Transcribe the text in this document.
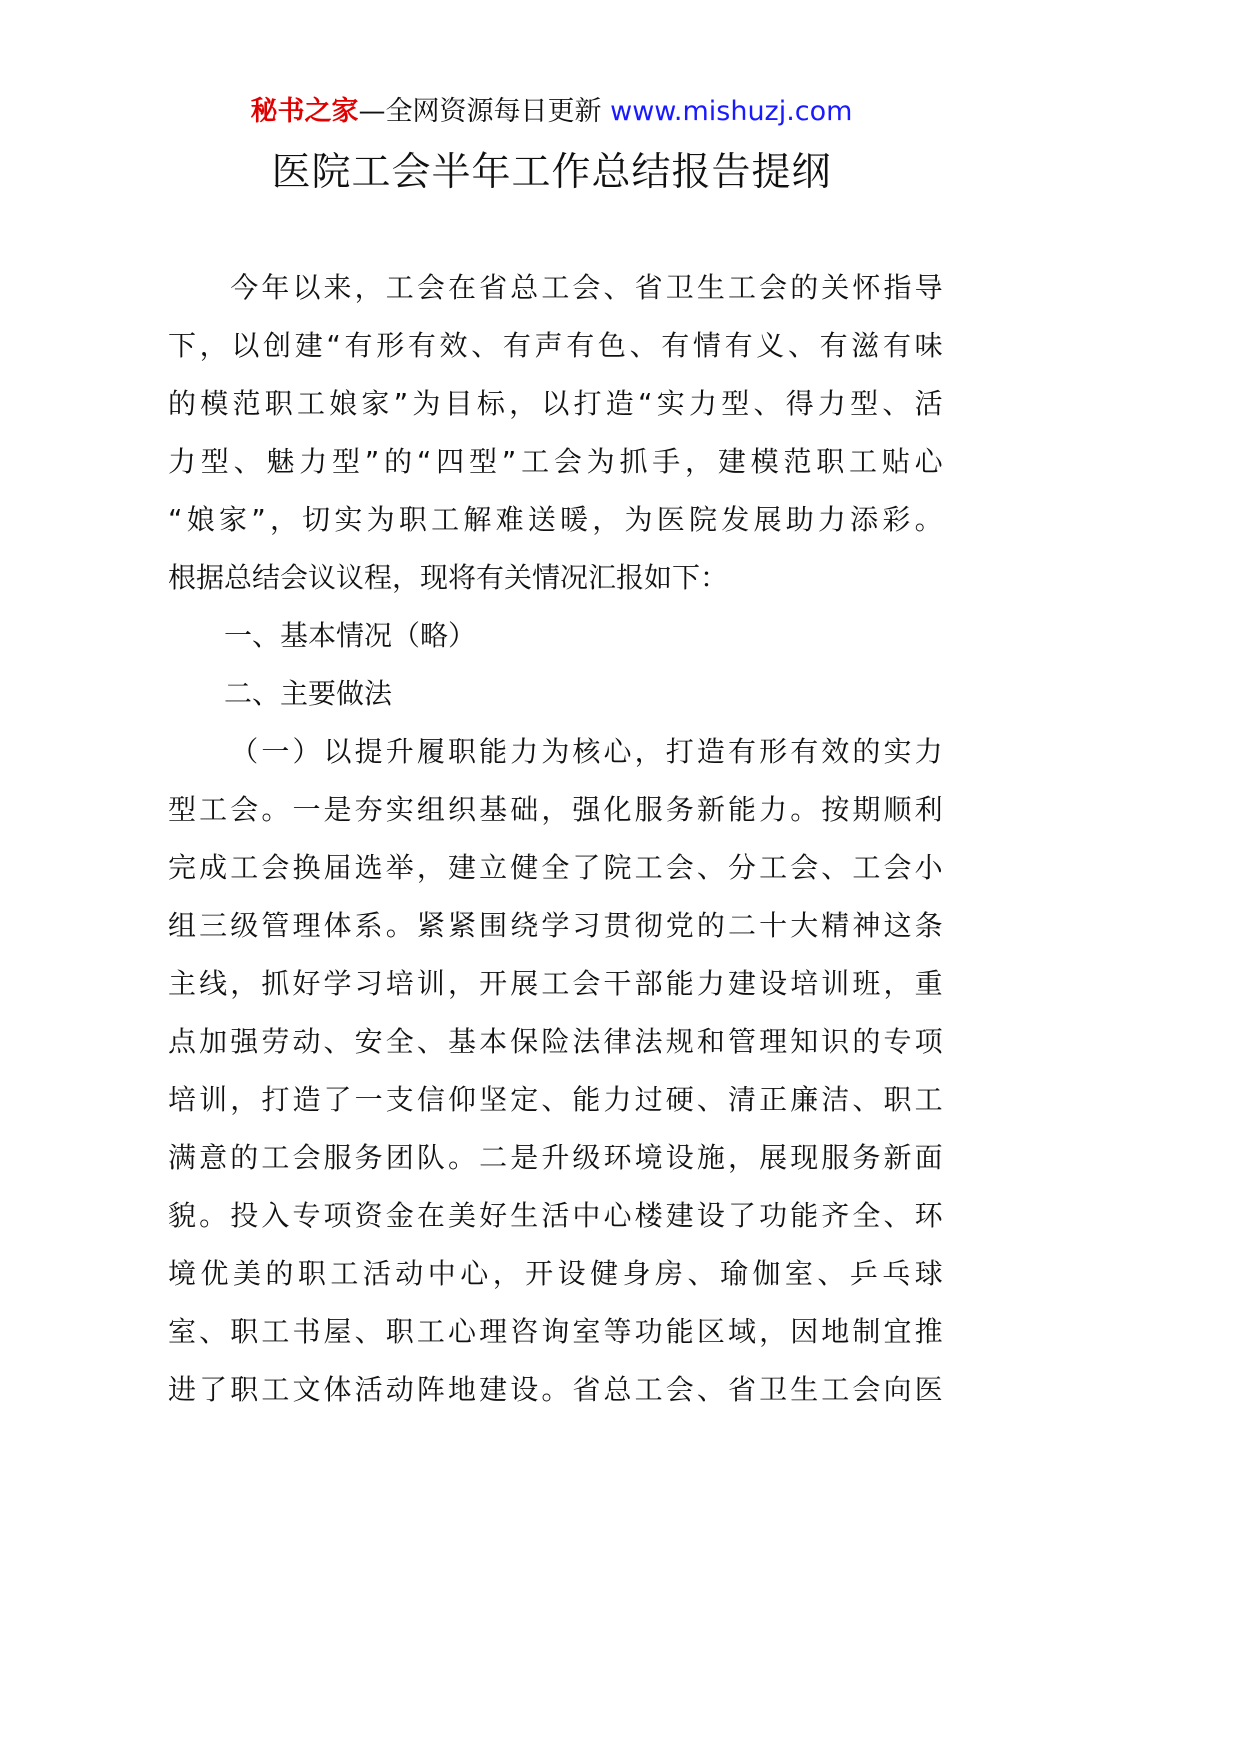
秘书之家—全网资源每日更新 www.mishuzj.com
医院工会半年工作总结报告提纲

今 年 以 来 ， 工 会 在 省 总 工 会 、 省 卫 生 工 会 的 关 怀 指 导
下 ， 以 创 建 “ 有 形 有 效 、 有 声 有 色 、 有 情 有 义 、 有 滋 有 味
的 模 范 职 工 娘 家 ” 为 目 标 ， 以 打 造 “ 实 力 型 、 得 力 型 、 活
力 型 、 魅 力 型 ” 的 “ 四 型 ” 工 会 为 抓 手 ， 建 模 范 职 工 贴 心
“ 娘 家 ” ， 切 实 为 职 工 解 难 送 暖 ， 为 医 院 发 展 助 力 添 彩 。
根据总结会议议程，现将有关情况汇报如下：
　　一、基本情况（略）
　　二、主要做法

（ 一 ） 以 提 升 履 职 能 力 为 核 心 ， 打 造 有 形 有 效 的 实 力
型 工 会 。 一 是 夯 实 组 织 基 础 ， 强 化 服 务 新 能 力 。 按 期 顺 利
完 成 工 会 换 届 选 举 ， 建 立 健 全 了 院 工 会 、 分 工 会 、 工 会 小
组 三 级 管 理 体 系 。 紧 紧 围 绕 学 习 贯 彻 党 的 二 十 大 精 神 这 条
主 线 ， 抓 好 学 习 培 训 ， 开 展 工 会 干 部 能 力 建 设 培 训 班 ， 重
点 加 强 劳 动 、 安 全 、 基 本 保 险 法 律 法 规 和 管 理 知 识 的 专 项
培 训 ， 打 造 了 一 支 信 仰 坚 定 、 能 力 过 硬 、 清 正 廉 洁 、 职 工
满 意 的 工 会 服 务 团 队 。 二 是 升 级 环 境 设 施 ， 展 现 服 务 新 面
貌 。 投 入 专 项 资 金 在 美 好 生 活 中 心 楼 建 设 了 功 能 齐 全 、 环
境 优 美 的 职 工 活 动 中 心 ， 开 设 健 身 房 、 瑜 伽 室 、 乒 乓 球
室 、 职 工 书 屋 、 职 工 心 理 咨 询 室 等 功 能 区 域 ， 因 地 制 宜 推
进 了 职 工 文 体 活 动 阵 地 建 设 。 省 总 工 会 、 省 卫 生 工 会 向 医
